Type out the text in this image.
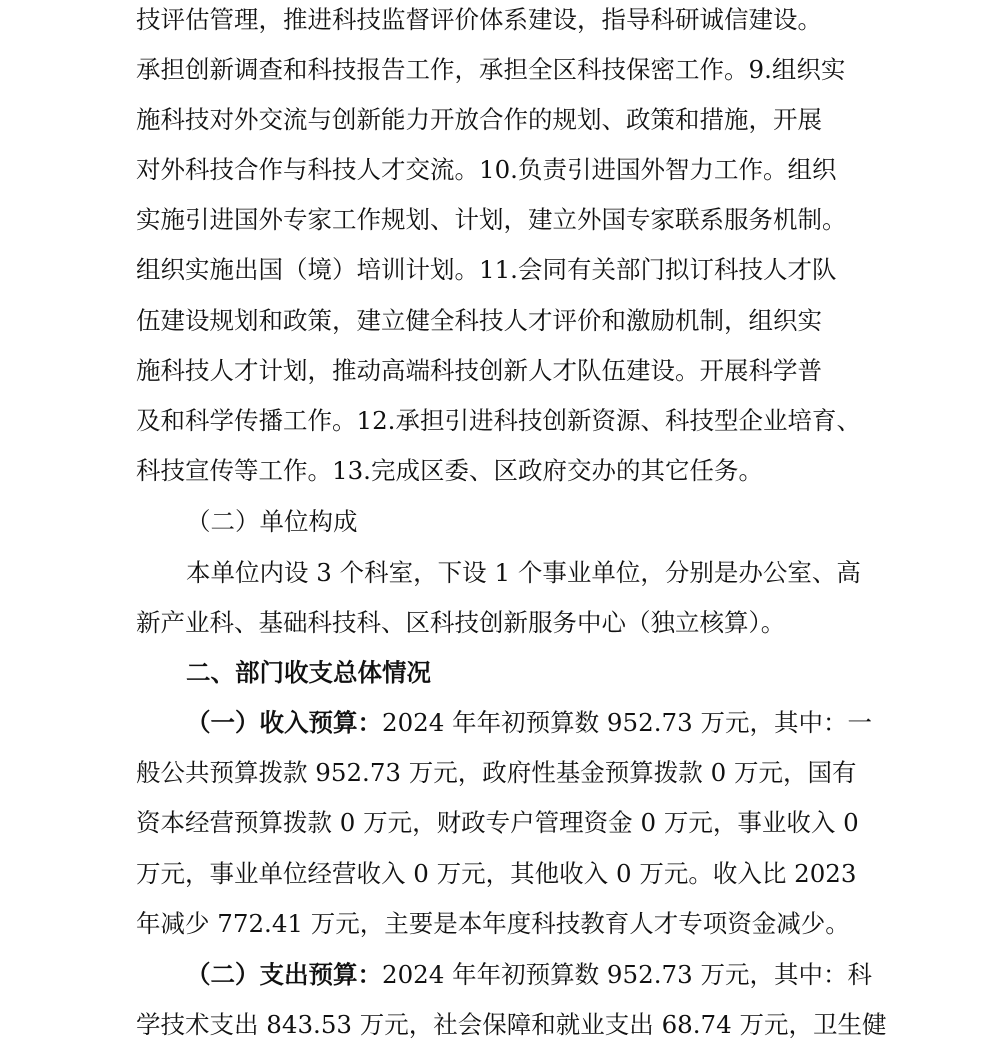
技评估管理，推进科技监督评价体系建设，指导科研诚信建设。
承担创新调查和科技报告工作，承担全区科技保密工作。9.组织实
施科技对外交流与创新能力开放合作的规划、政策和措施，开展
对外科技合作与科技人才交流。10.负责引进国外智力工作。组织
实施引进国外专家工作规划、计划，建立外国专家联系服务机制。
组织实施出国（境）培训计划。11.会同有关部门拟订科技人才队
伍建设规划和政策，建立健全科技人才评价和激励机制，组织实
施科技人才计划，推动高端科技创新人才队伍建设。开展科学普
及和科学传播工作。12.承担引进科技创新资源、科技型企业培育、
科技宣传等工作。13.完成区委、区政府交办的其它任务。
（二）单位构成
本单位内设 3 个科室，下设 1 个事业单位，分别是办公室、高
新产业科、基础科技科、区科技创新服务中心（独立核算）。
二、部门收支总体情况
（一）收入预算：2024 年年初预算数 952.73 万元，其中：一
般公共预算拨款 952.73 万元，政府性基金预算拨款 0 万元，国有
资本经营预算拨款 0 万元，财政专户管理资金 0 万元，事业收入 0
万元，事业单位经营收入 0 万元，其他收入 0 万元。收入比 2023
年减少 772.41 万元，主要是本年度科技教育人才专项资金减少。
（二）支出预算：2024 年年初预算数 952.73 万元，其中：科
学技术支出 843.53 万元，社会保障和就业支出 68.74 万元，卫生健
